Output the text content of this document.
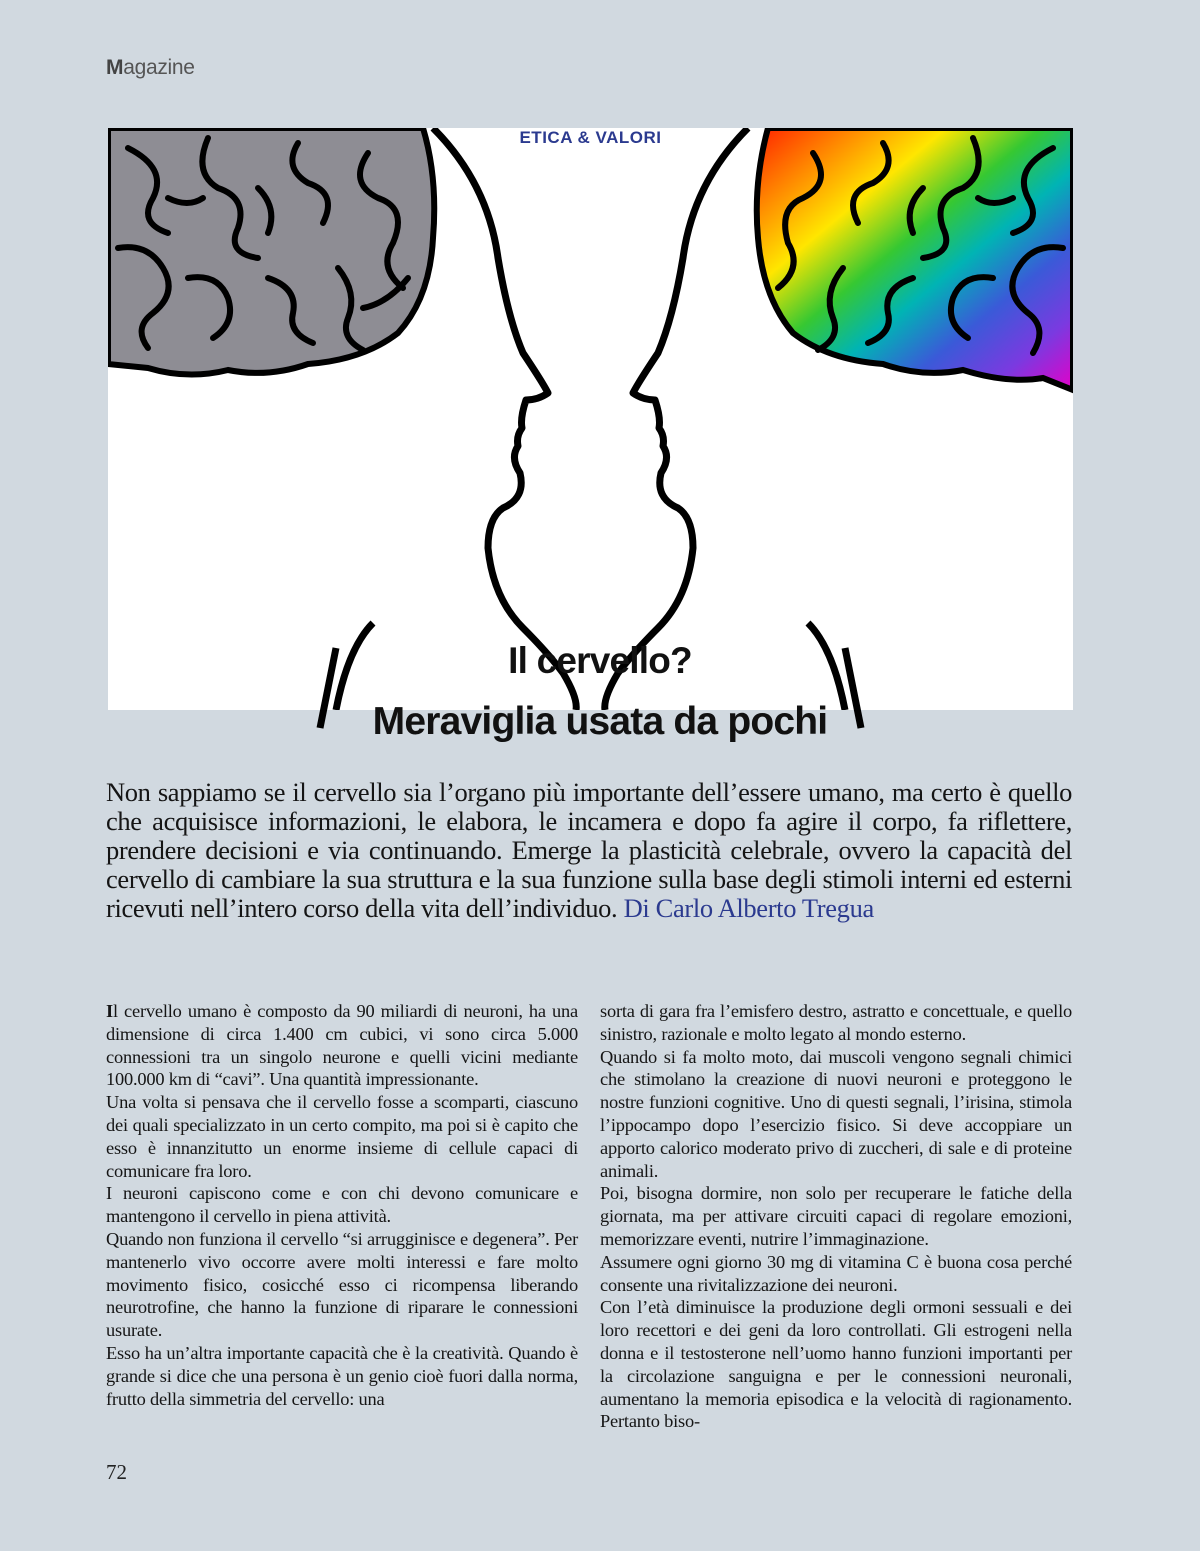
Magazine
ETICA & VALORI
Il cervello?
Meraviglia usata da pochi
Non sappiamo se il cervello sia l’organo più importante dell’essere umano, ma certo è quello che acquisisce informazioni, le elabora, le incamera e dopo fa agire il corpo, fa riflettere, prendere decisioni e via continuando. Emerge la plasticità celebrale, ovvero la capacità del cervello di cambiare la sua struttura e la sua funzione sulla base degli stimoli interni ed esterni ricevuti nell’intero corso della vita dell’individuo. Di Carlo Alberto Tregua

Il cervello umano è composto da 90 miliardi di neuroni, ha una dimensione di circa 1.400 cm cubici, vi sono circa 5.000 connessioni tra un singolo neurone e quelli vicini mediante 100.000 km di “cavi”. Una quantità impressionante.

Una volta si pensava che il cervello fosse a scomparti, ciascuno dei quali specializzato in un certo compito, ma poi si è capito che esso è innanzitutto un enorme insieme di cellule capaci di comunicare fra loro.

I neuroni capiscono come e con chi devono comunicare e mantengono il cervello in piena attività.

Quando non funziona il cervello “si arrugginisce e degenera”. Per mantenerlo vivo occorre avere molti interessi e fare molto movimento fisico, cosicché esso ci ricompensa liberando neurotrofine, che hanno la funzione di riparare le connessioni usurate.

Esso ha un’altra importante capacità che è la creatività. Quando è grande si dice che una persona è un genio cioè fuori dalla norma, frutto della simmetria del cervello: una

sorta di gara fra l’emisfero destro, astratto e concettuale, e quello sinistro, razionale e molto legato al mondo esterno.

Quando si fa molto moto, dai muscoli vengono segnali chimici che stimolano la creazione di nuovi neuroni e proteggono le nostre funzioni cognitive. Uno di questi segnali, l’irisina, stimola l’ippocampo dopo l’esercizio fisico. Si deve accoppiare un apporto calorico moderato privo di zuccheri, di sale e di proteine animali.

Poi, bisogna dormire, non solo per recuperare le fatiche della giornata, ma per attivare circuiti capaci di regolare emozioni, memorizzare eventi, nutrire l’immaginazione.

Assumere ogni giorno 30 mg di vitamina C è buona cosa perché consente una rivitalizzazione dei neuroni.

Con l’età diminuisce la produzione degli ormoni sessuali e dei loro recettori e dei geni da loro controllati. Gli estrogeni nella donna e il testosterone nell’uomo hanno funzioni importanti per la circolazione sanguigna e per le connessioni neuronali, aumentano la memoria episodica e la velocità di ragionamento. Pertanto biso-

72
